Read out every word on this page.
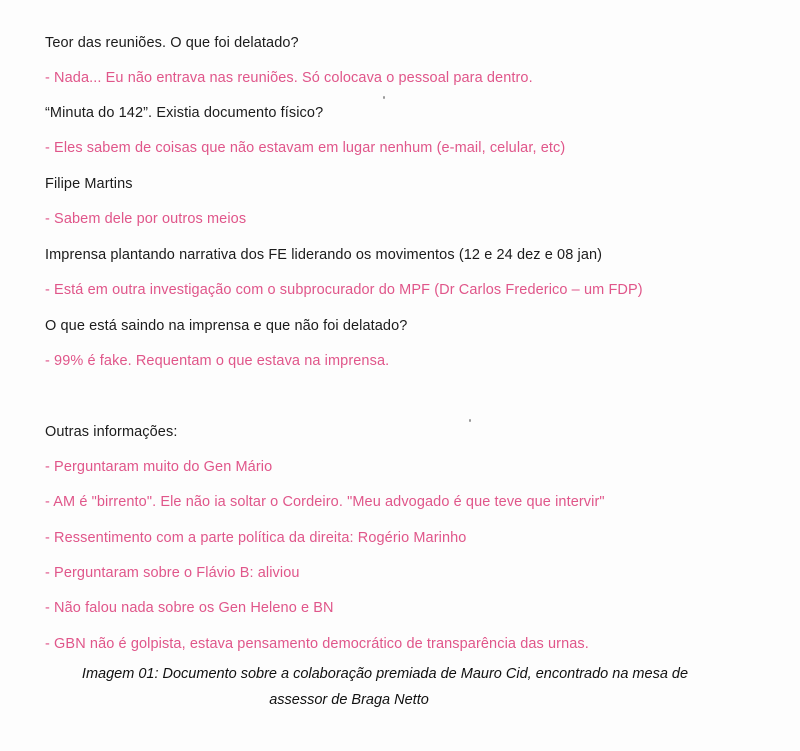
Teor das reuniões. O que foi delatado?
- Nada... Eu não entrava nas reuniões. Só colocava o pessoal para dentro.
“Minuta do 142”. Existia documento físico?
- Eles sabem de coisas que não estavam em lugar nenhum (e-mail, celular, etc)
Filipe Martins
- Sabem dele por outros meios
Imprensa plantando narrativa dos FE liderando os movimentos (12 e 24 dez e 08 jan)
- Está em outra investigação com o subprocurador do MPF (Dr Carlos Frederico – um FDP)
O que está saindo na imprensa e que não foi delatado?
- 99% é fake. Requentam o que estava na imprensa.
Outras informações:
- Perguntaram muito do Gen Mário
- AM é "birrento". Ele não ia soltar o Cordeiro. "Meu advogado é que teve que intervir"
- Ressentimento com a parte política da direita: Rogério Marinho
- Perguntaram sobre o Flávio B: aliviou
- Não falou nada sobre os Gen Heleno e BN
- GBN não é golpista, estava pensamento democrático de transparência das urnas.
Imagem 01: Documento sobre a colaboração premiada de Mauro Cid, encontrado na mesa de
assessor de Braga Netto
